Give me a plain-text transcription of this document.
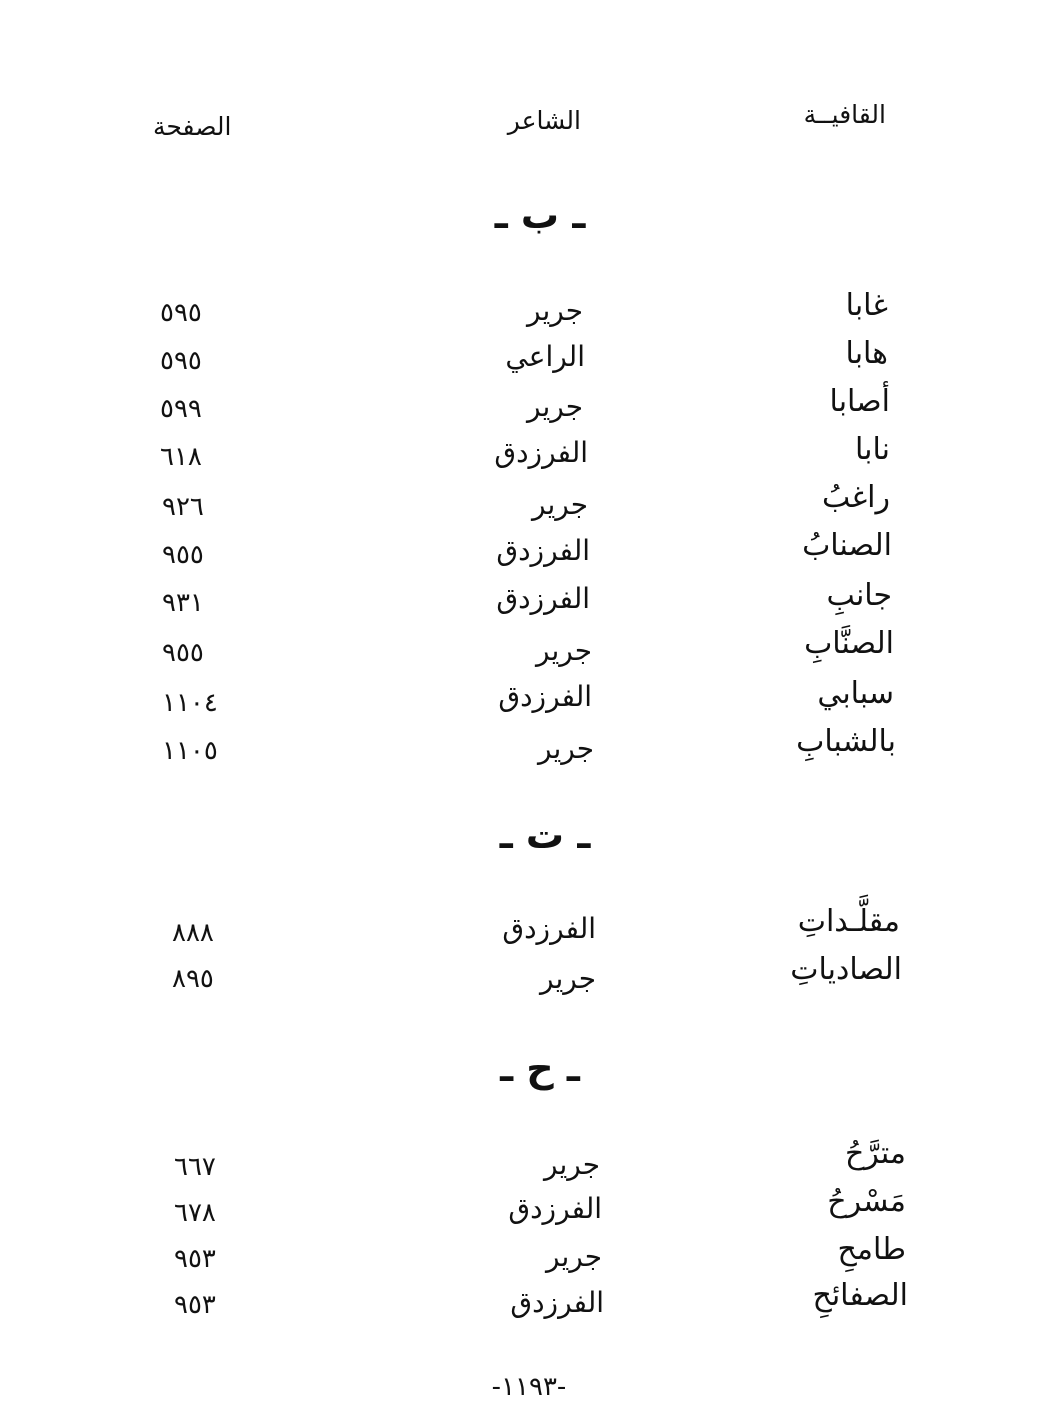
القافيــة
الشاعر
الصفحة
ـ ب ـ
غابا
جرير
٥٩٥
هابا
الراعي
٥٩٥
أصابا
جرير
٥٩٩
نابا
الفرزدق
٦١٨
راغبُ
جرير
٩٢٦
الصنابُ
الفرزدق
٩٥٥
جانبِ
الفرزدق
٩٣١
الصنَّابِ
جرير
٩٥٥
سبابي
الفرزدق
١١٠٤
بالشبابِ
جرير
١١٠٥
ـ ت ـ
مقلَّـداتِ
الفرزدق
٨٨٨
الصادياتِ
جرير
٨٩٥
ـ ح ـ
مترَّحُ
جرير
٦٦٧
مَسْرحُ
الفرزدق
٦٧٨
طامحِ
جرير
٩٥٣
الصفائحِ
الفرزدق
٩٥٣
-١١٩٣-
